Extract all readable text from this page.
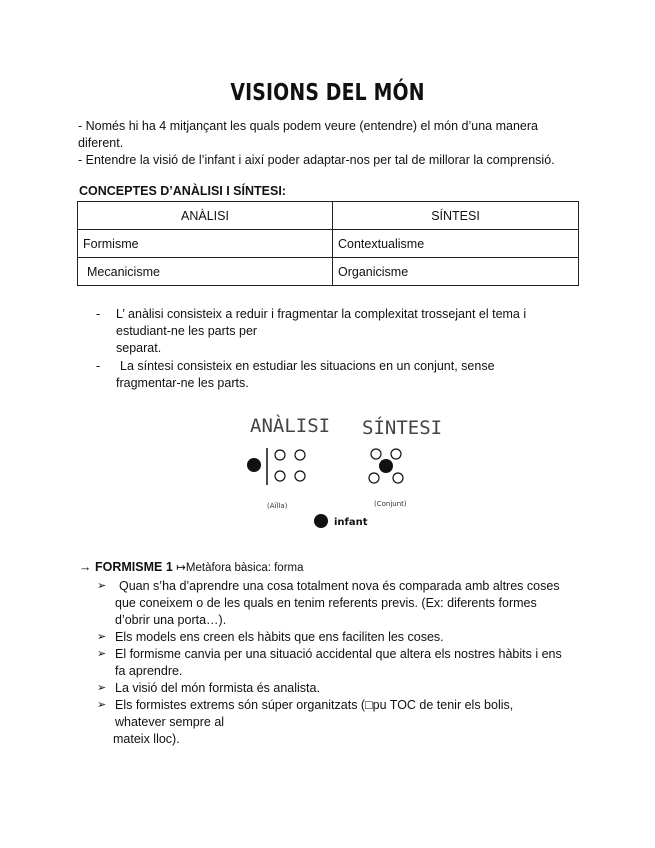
VISIONS DEL MÓN

- Només hi ha 4 mitjançant les quals podem veure (entendre) el món d’una manera diferent.

- Entendre la visió de l’infant i així poder adaptar-nos per tal de millorar la comprensió.

CONCEPTES D’ANÀLISI I SÍNTESI:
ANÀLISI	SÍNTESI
Formisme	Contextualisme
Mecanicisme	Organicisme
- L’ anàlisi consisteix a reduir i fragmentar la complexitat trossejant el tema i
estudiant-ne les parts per
separat.
-	La síntesi consisteix en estudiar les situacions en un conjunt, sense
fragmentar-ne les parts.
ANÀLISI SÍNTESI
(Aïlla)	(Conjunt)
infant
→ FORMISME 1 ↦Metàfora bàsica: forma
➢	Quan s’ha d’aprendre una cosa totalment nova és comparada amb altres coses
que coneixem o de les quals en tenim referents previs. (Ex: diferents formes
d’obrir una porta…).
➢ Els models ens creen els hàbits que ens faciliten les coses.
➢ El formisme canvia per una situació accidental que altera els nostres hàbits i ens
fa aprendre.
➢ La visió del món formista és analista.
➢ Els formistes extrems són súper organitzats (□pu TOC de tenir els bolis,
whatever sempre al
mateix lloc).
